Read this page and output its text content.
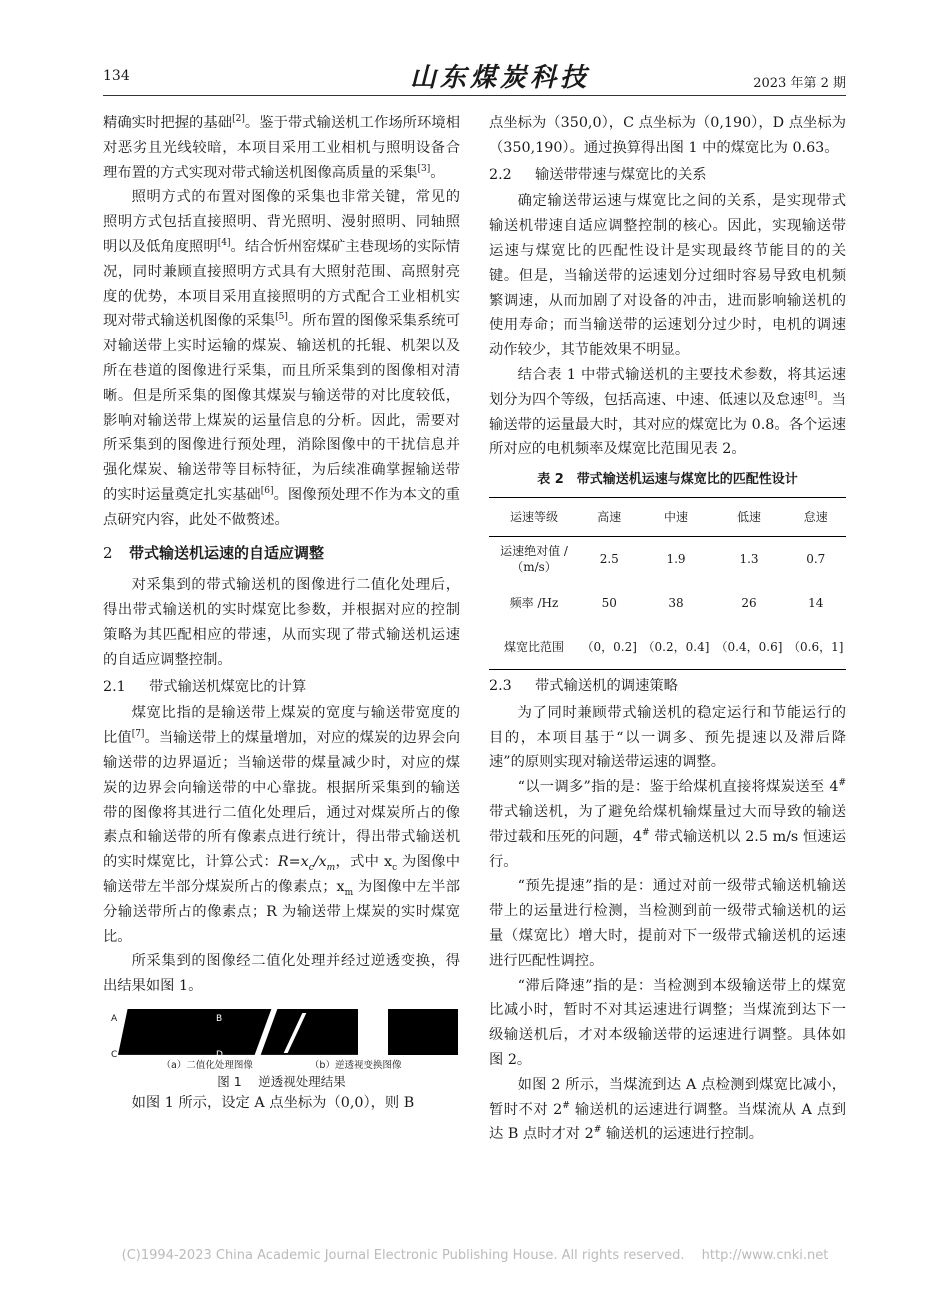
134	山东煤炭科技	2023 年第 2 期

精确实时把握的基础[2]。鉴于带式输送机工作场所环境相对恶劣且光线较暗，本项目采用工业相机与照明设备合理布置的方式实现对带式输送机图像高质量的采集[3]。

照明方式的布置对图像的采集也非常关键，常见的照明方式包括直接照明、背光照明、漫射照明、同轴照明以及低角度照明[4]。结合忻州窑煤矿主巷现场的实际情况，同时兼顾直接照明方式具有大照射范围、高照射亮度的优势，本项目采用直接照明的方式配合工业相机实现对带式输送机图像的采集[5]。所布置的图像采集系统可对输送带上实时运输的煤炭、输送机的托辊、机架以及所在巷道的图像进行采集，而且所采集到的图像相对清晰。但是所采集的图像其煤炭与输送带的对比度较低，影响对输送带上煤炭的运量信息的分析。因此，需要对所采集到的图像进行预处理，消除图像中的干扰信息并强化煤炭、输送带等目标特征，为后续准确掌握输送带的实时运量奠定扎实基础[6]。图像预处理不作为本文的重点研究内容，此处不做赘述。

2 带式输送机运速的自适应调整

对采集到的带式输送机的图像进行二值化处理后，得出带式输送机的实时煤宽比参数，并根据对应的控制策略为其匹配相应的带速，从而实现了带式输送机运速的自适应调整控制。

2.1 带式输送机煤宽比的计算

煤宽比指的是输送带上煤炭的宽度与输送带宽度的比值[7]。当输送带上的煤量增加，对应的煤炭的边界会向输送带的边界逼近；当输送带的煤量减少时，对应的煤炭的边界会向输送带的中心靠拢。根据所采集到的输送带的图像将其进行二值化处理后，通过对煤炭所占的像素点和输送带的所有像素点进行统计，得出带式输送机的实时煤宽比，计算公式：$R=x_c/x_m$，式中 $x_c$ 为图像中输送带左半部分煤炭所占的像素点；$x_m$ 为图像中左半部分输送带所占的像素点；R 为输送带上煤炭的实时煤宽比。

所采集到的图像经二值化处理并经过逆透变换，得出结果如图 1。

A	B
C	D
（a）二值化处理图像	（b）逆透视变换图像
图 1　 逆透视处理结果

如图 1 所示，设定 A 点坐标为（0,0），则 B

点坐标为（350,0），C 点坐标为（0,190），D 点坐标为（350,190）。通过换算得出图 1 中的煤宽比为 0.63。

2.2 输送带带速与煤宽比的关系

确定输送带运速与煤宽比之间的关系，是实现带式输送机带速自适应调整控制的核心。因此，实现输送带运速与煤宽比的匹配性设计是实现最终节能目的的关键。但是，当输送带的运速划分过细时容易导致电机频繁调速，从而加剧了对设备的冲击，进而影响输送机的使用寿命；而当输送带的运速划分过少时，电机的调速动作较少，其节能效果不明显。

结合表 1 中带式输送机的主要技术参数，将其运速划分为四个等级，包括高速、中速、低速以及怠速[8]。当输送带的运量最大时，其对应的煤宽比为 0.8。各个运速所对应的电机频率及煤宽比范围见表 2。

表 2　带式输送机运速与煤宽比的匹配性设计
运速等级	高速	中速	低速	怠速
运速绝对值 /（m/s）	2.5	1.9	1.3	0.7
频率 /Hz	50	38	26	14
煤宽比范围	（0，0.2]	（0.2，0.4]	（0.4，0.6]	（0.6，1]
2.3 带式输送机的调速策略

为了同时兼顾带式输送机的稳定运行和节能运行的目的，本项目基于“以一调多、预先提速以及滞后降速”的原则实现对输送带运速的调整。

“以一调多”指的是：鉴于给煤机直接将煤炭送至 4# 带式输送机，为了避免给煤机输煤量过大而导致的输送带过载和压死的问题，4# 带式输送机以 2.5 m/s 恒速运行。

“预先提速”指的是：通过对前一级带式输送机输送带上的运量进行检测，当检测到前一级带式输送机的运量（煤宽比）增大时，提前对下一级带式输送机的运速进行匹配性调控。

“滞后降速”指的是：当检测到本级输送带上的煤宽比减小时，暂时不对其运速进行调整；当煤流到达下一级输送机后，才对本级输送带的运速进行调整。具体如图 2。

如图 2 所示，当煤流到达 A 点检测到煤宽比减小，暂时不对 2# 输送机的运速进行调整。当煤流从 A 点到达 B 点时才对 2# 输送机的运速进行控制。

(C)1994-2023 China Academic Journal Electronic Publishing House. All rights reserved.　 http://www.cnki.net
